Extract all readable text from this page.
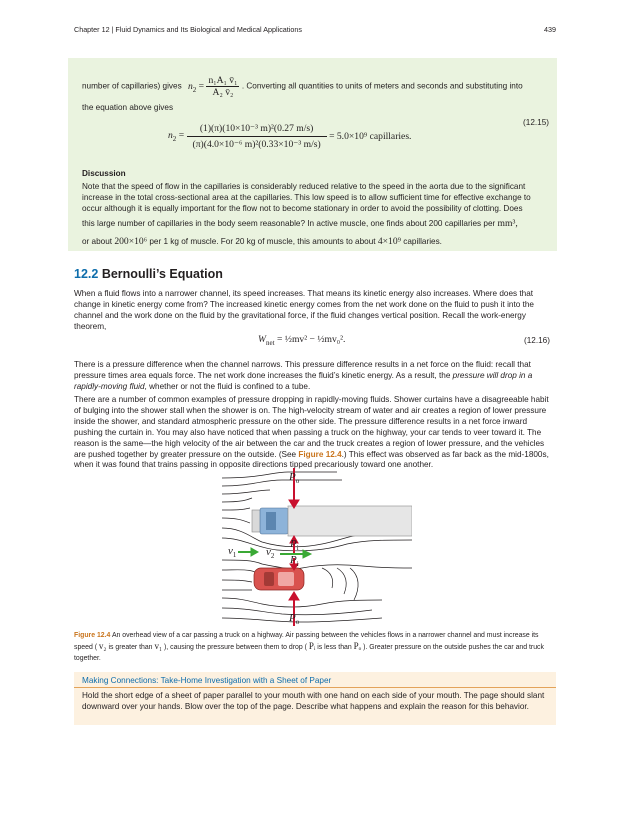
Chapter 12 | Fluid Dynamics and Its Biological and Medical Applications	439
number of capillaries) gives $n_2 = \frac{\text{n₁A₁ v̄₁}}{\text{A₂ v̄₂}}$ . Converting all quantities to units of meters and seconds and substituting into
the equation above gives
$n_2 = \frac{\text{(1)(π)(10×10⁻³ m)²(0.27 m/s)}}{\text{(π)(4.0×10⁻⁶ m)²(0.33×10⁻³ m/s)}} = 5.0\times 10^9$ capillaries.
(12.15)
Discussion
Note that the speed of flow in the capillaries is considerably reduced relative to the speed in the aorta due to the significant increase in the total cross-sectional area at the capillaries. This low speed is to allow sufficient time for effective exchange to occur although it is equally important for the flow not to become stationary in order to avoid the possibility of clotting. Does
this large number of capillaries in the body seem reasonable? In active muscle, one finds about 200 capillaries per mm³,
or about 200×10⁶ per 1 kg of muscle. For 20 kg of muscle, this amounts to about 4×10⁹ capillaries.
12.2 Bernoulli’s Equation
When a fluid flows into a narrower channel, its speed increases. That means its kinetic energy also increases. Where does that change in kinetic energy come from? The increased kinetic energy comes from the net work done on the fluid to push it into the channel and the work done on the fluid by the gravitational force, if the fluid changes vertical position. Recall the work-energy theorem,
$W_{net}$ = ½mv² − ½mv₀².	(12.16)
There is a pressure difference when the channel narrows. This pressure difference results in a net force on the fluid: recall that pressure times area equals force. The net work done increases the fluid’s kinetic energy. As a result, the pressure will drop in a rapidly-moving fluid, whether or not the fluid is confined to a tube.
There are a number of common examples of pressure dropping in rapidly-moving fluids. Shower curtains have a disagreeable habit of bulging into the shower stall when the shower is on. The high-velocity stream of water and air creates a region of lower pressure inside the shower, and standard atmospheric pressure on the other side. The pressure difference results in a net force inward pushing the curtain in. You may also have noticed that when passing a truck on the highway, your car tends to veer toward it. The reason is the same—the high velocity of the air between the car and the truck creates a region of lower pressure, and the vehicles are pushed together by greater pressure on the outside. (See Figure 12.4.) This effect was observed as far back as the mid-1800s, when it was found that trains passing in opposite directions tipped precariously toward one another.
$P_o$
$P_i$
$P_i$
$v_1$	$v_2$
$P_o$
Figure 12.4 An overhead view of a car passing a truck on a highway. Air passing between the vehicles flows in a narrower channel and must increase its speed ( v₂ is greater than v₁ ), causing the pressure between them to drop ( Pᵢ is less than Pₒ ). Greater pressure on the outside pushes the car and truck together.
Making Connections: Take-Home Investigation with a Sheet of Paper
Hold the short edge of a sheet of paper parallel to your mouth with one hand on each side of your mouth. The page should slant downward over your hands. Blow over the top of the page. Describe what happens and explain the reason for this behavior.
